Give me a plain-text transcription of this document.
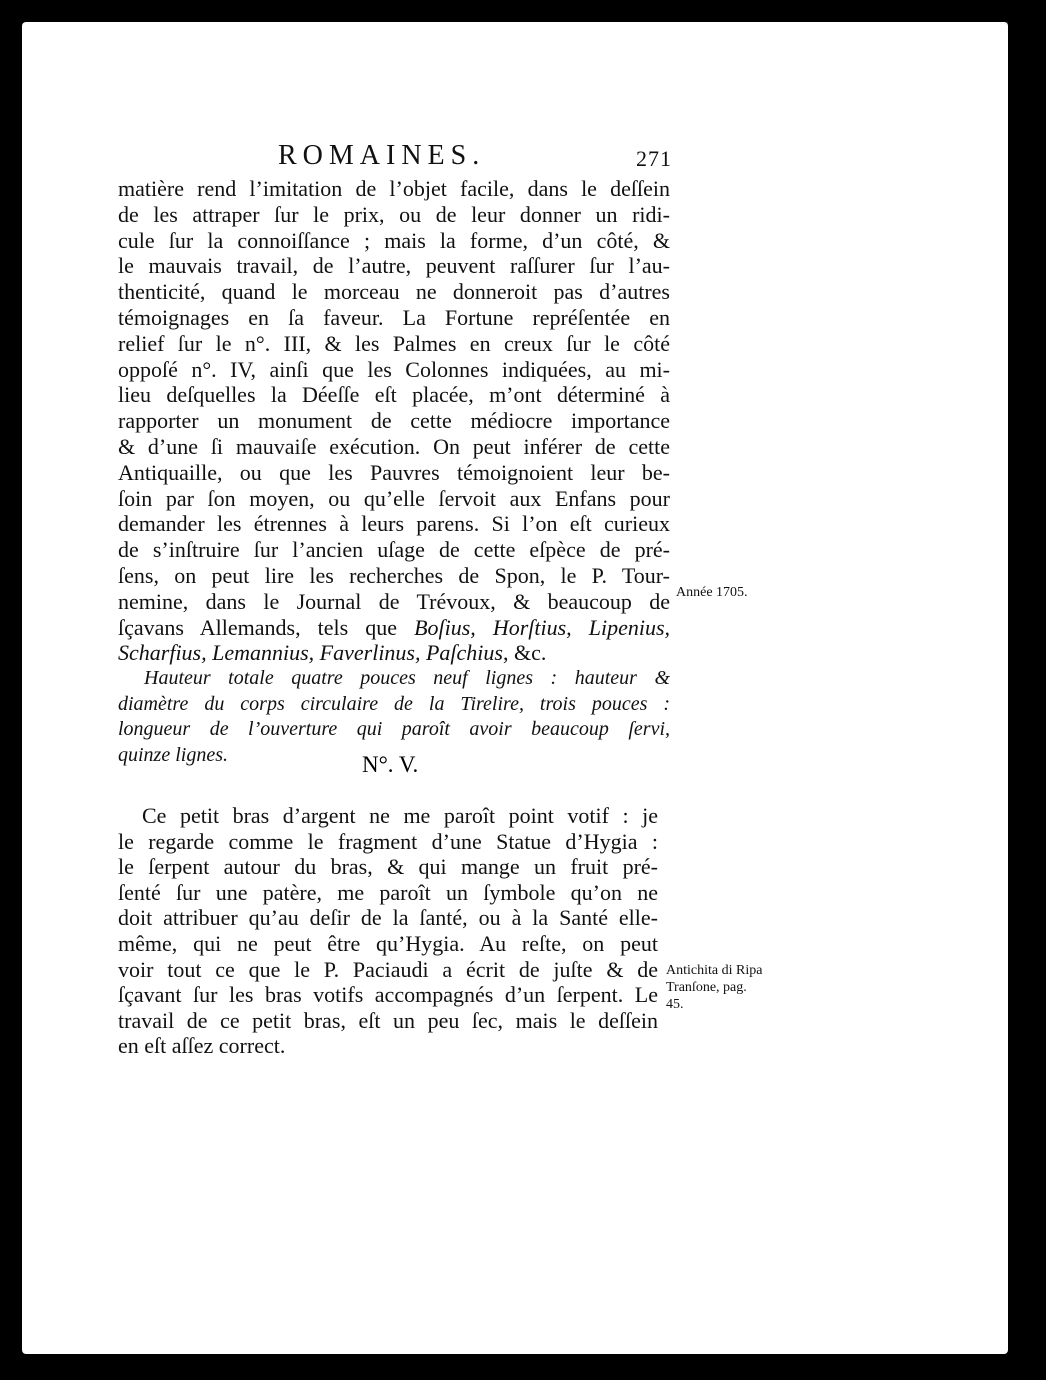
ROMAINES.	271
matière rend l’imitation de l’objet facile, dans le deſſein
de les attraper ſur le prix, ou de leur donner un ridi-
cule ſur la connoiſſance ; mais la forme, d’un côté, &
le mauvais travail, de l’autre, peuvent raſſurer ſur l’au-
thenticité, quand le morceau ne donneroit pas d’autres
témoignages en ſa faveur. La Fortune repréſentée en
relief ſur le n°. III, & les Palmes en creux ſur le côté
oppoſé n°. IV, ainſi que les Colonnes indiquées, au mi-
lieu deſquelles la Déeſſe eſt placée, m’ont déterminé à
rapporter un monument de cette médiocre importance
& d’une ſi mauvaiſe exécution. On peut inférer de cette
Antiquaille, ou que les Pauvres témoignoient leur be-
ſoin par ſon moyen, ou qu’elle ſervoit aux Enfans pour
demander les étrennes à leurs parens. Si l’on eſt curieux
de s’inſtruire ſur l’ancien uſage de cette eſpèce de pré-
ſens, on peut lire les recherches de Spon, le P. Tour-
nemine, dans le Journal de Trévoux, & beaucoup de
ſçavans Allemands, tels que Boſius, Horſtius, Lipenius,
Scharfius, Lemannius, Faverlinus, Paſchius, &c.
Hauteur totale quatre pouces neuf lignes : hauteur &
diamètre du corps circulaire de la Tirelire, trois pouces :
longueur de l’ouverture qui paroît avoir beaucoup ſervi,
quinze lignes.	N°. V.
Ce petit bras d’argent ne me paroît point votif : je
le regarde comme le fragment d’une Statue d’Hygia :
le ſerpent autour du bras, & qui mange un fruit pré-
ſenté ſur une patère, me paroît un ſymbole qu’on ne
doit attribuer qu’au deſir de la ſanté, ou à la Santé elle-
même, qui ne peut être qu’Hygia. Au reſte, on peut
voir tout ce que le P. Paciaudi a écrit de juſte & de
ſçavant ſur les bras votifs accompagnés d’un ſerpent. Le
travail de ce petit bras, eſt un peu ſec, mais le deſſein
en eſt aſſez correct.
Année 1705.
Antichita di Ripa
Tranſone, pag.
45.
